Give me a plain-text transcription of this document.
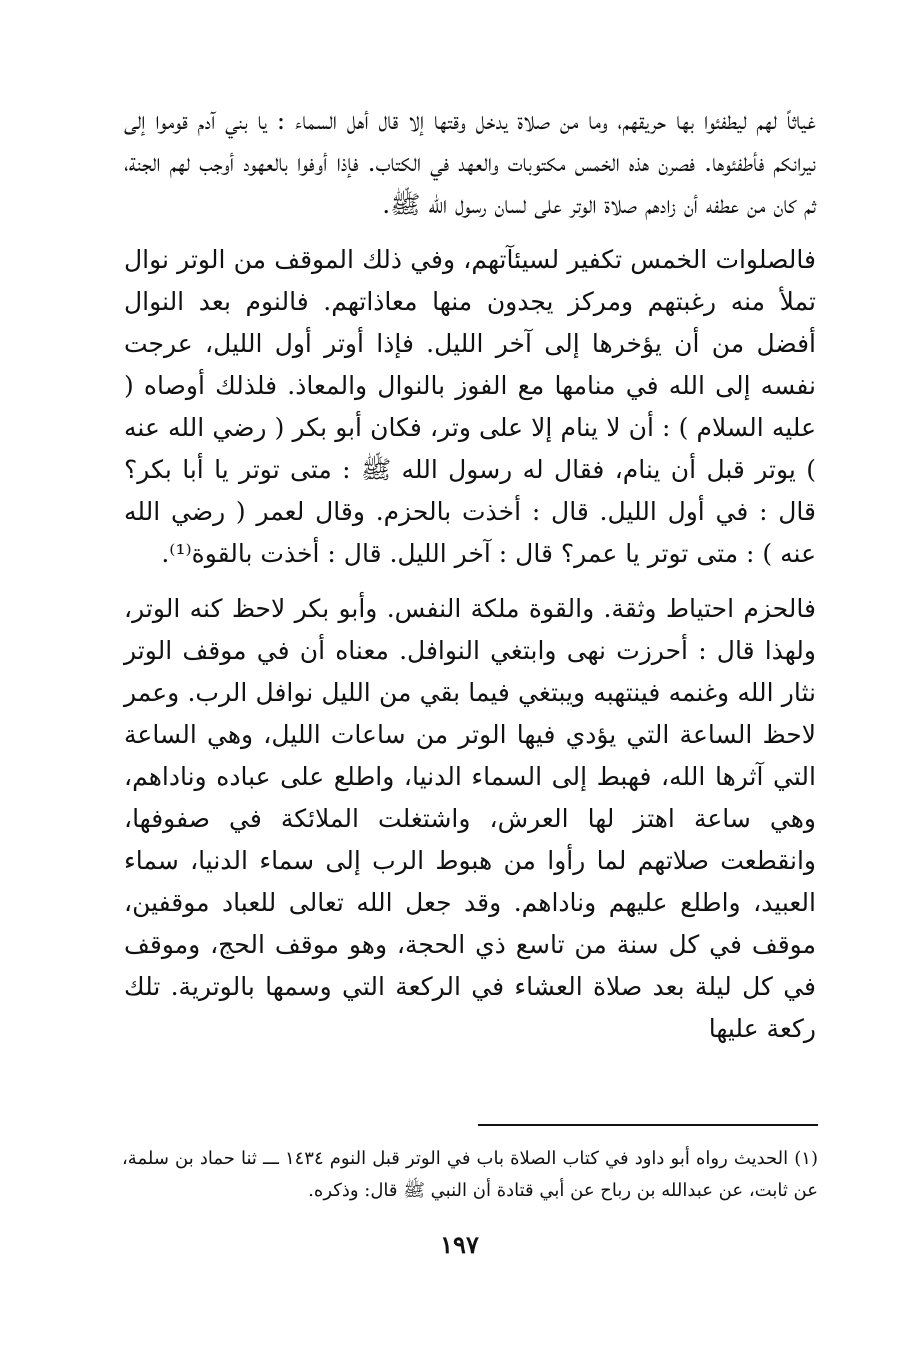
غياثاً لهم ليطفئوا بها حريقهم، وما من صلاة يدخل وقتها إلا قال أهل السماء : يا بني آدم قوموا إلى نيرانكم فأطفئوها. فصرن هذه الخمس مكتوبات والعهد في الكتاب. فإذا أوفوا بالعهود أوجب لهم الجنة، ثم كان من عطفه أن زادهم صلاة الوتر على لسان رسول الله ﷺ.

فالصلوات الخمس تكفير لسيئآتهم، وفي ذلك الموقف من الوتر نوال تملأ منه رغبتهم ومركز يجدون منها معاذاتهم. فالنوم بعد النوال أفضل من أن يؤخرها إلى آخر الليل. فإذا أوتر أول الليل، عرجت نفسه إلى الله في منامها مع الفوز بالنوال والمعاذ. فلذلك أوصاه ( عليه السلام ) : أن لا ينام إلا على وتر، فكان أبو بكر ( رضي الله عنه ) يوتر قبل أن ينام، فقال له رسول الله ﷺ : متى توتر يا أبا بكر؟ قال : في أول الليل. قال : أخذت بالحزم. وقال لعمر ( رضي الله عنه ) : متى توتر يا عمر؟ قال : آخر الليل. قال : أخذت بالقوة⁽¹⁾.

فالحزم احتياط وثقة. والقوة ملكة النفس. وأبو بكر لاحظ كنه الوتر، ولهذا قال : أحرزت نهى وابتغي النوافل. معناه أن في موقف الوتر نثار الله وغنمه فينتهبه ويبتغي فيما بقي من الليل نوافل الرب. وعمر لاحظ الساعة التي يؤدي فيها الوتر من ساعات الليل، وهي الساعة التي آثرها الله، فهبط إلى السماء الدنيا، واطلع على عباده وناداهم، وهي ساعة اهتز لها العرش، واشتغلت الملائكة في صفوفها، وانقطعت صلاتهم لما رأوا من هبوط الرب إلى سماء الدنيا، سماء العبيد، واطلع عليهم وناداهم. وقد جعل الله تعالى للعباد موقفين، موقف في كل سنة من تاسع ذي الحجة، وهو موقف الحج، وموقف في كل ليلة بعد صلاة العشاء في الركعة التي وسمها بالوترية. تلك ركعة عليها

(١) الحديث رواه أبو داود في كتاب الصلاة باب في الوتر قبل النوم ١٤٣٤ ـــ ثنا حماد بن سلمة، عن ثابت، عن عبدالله بن رباح عن أبي قتادة أن النبي ﷺ قال: وذكره.

١٩٧
